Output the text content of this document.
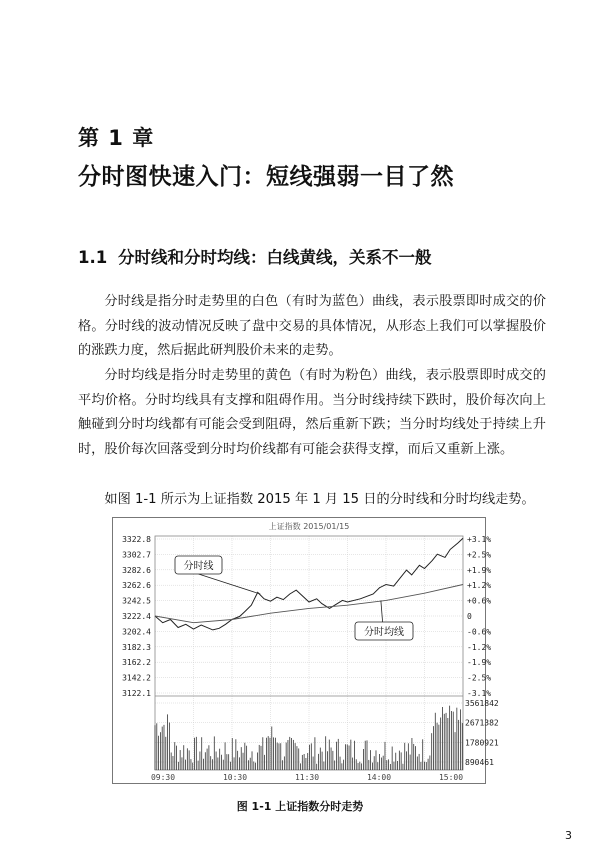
第 1 章
分时图快速入门：短线强弱一目了然
1.1 分时线和分时均线：白线黄线，关系不一般

分时线是指分时走势里的白色（有时为蓝色）曲线，表示股票即时成交的价格。分时线的波动情况反映了盘中交易的具体情况，从形态上我们可以掌握股价的涨跌力度，然后据此研判股价未来的走势。

分时均线是指分时走势里的黄色（有时为粉色）曲线，表示股票即时成交的平均价格。分时均线具有支撑和阻碍作用。当分时线持续下跌时，股价每次向上触碰到分时均线都有可能会受到阻碍，然后重新下跌；当分时均线处于持续上升时，股价每次回落受到分时均价线都有可能会获得支撑，而后又重新上涨。

如图 1-1 所示为上证指数 2015 年 1 月 15 日的分时线和分时均线走势。

上证指数 2015/01/15
3322.8	+3.1%
3302.7	+2.5%
3282.6	+1.9%
3262.6	+1.2%
3242.5	+0.6%
3222.4	0
3202.4	-0.6%
3182.3	-1.2%
3162.2	-1.9%
3142.2	-2.5%
3122.1	-3.1%
3561842
2671382
1780921
890461
09:30	10:30	11:30	14:00	15:00
分时线
分时均线
图 1-1 上证指数分时走势
3
